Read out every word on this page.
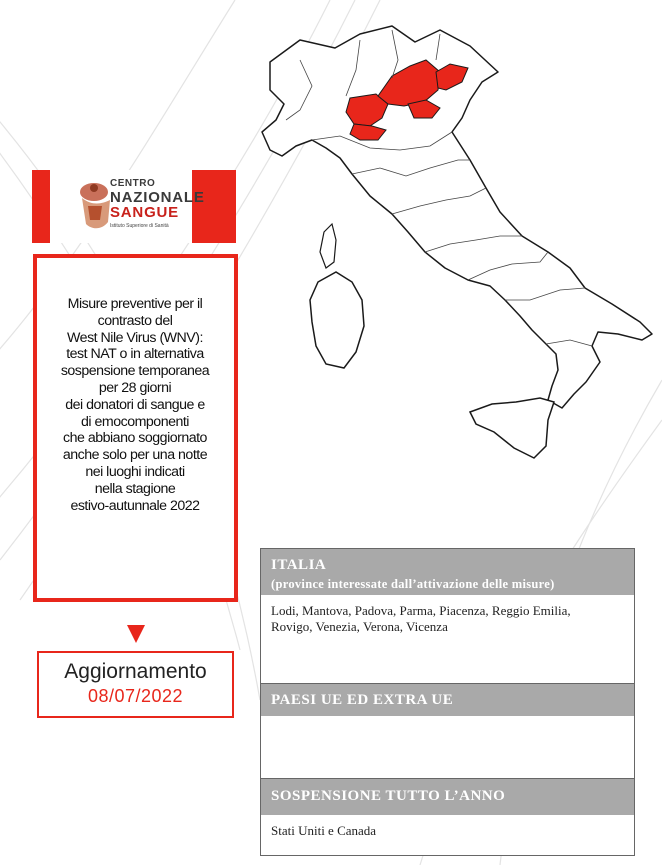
CENTRO
NAZIONALE
SANGUE
Istituto Superiore di Sanità
Misure preventive per il
contrasto del
West Nile Virus (WNV):
test NAT o in alternativa
sospensione temporanea
per 28 giorni
dei donatori di sangue e
di emocomponenti
che abbiano soggiornato
anche solo per una notte
nei luoghi indicati
nella stagione
estivo-autunnale 2022
Aggiornamento
08/07/2022
ITALIA
(province interessate dall’attivazione delle misure)
Lodi, Mantova, Padova, Parma, Piacenza, Reggio Emilia,
Rovigo, Venezia, Verona, Vicenza
PAESI UE ED EXTRA UE
SOSPENSIONE TUTTO L’ANNO
Stati Uniti e Canada
